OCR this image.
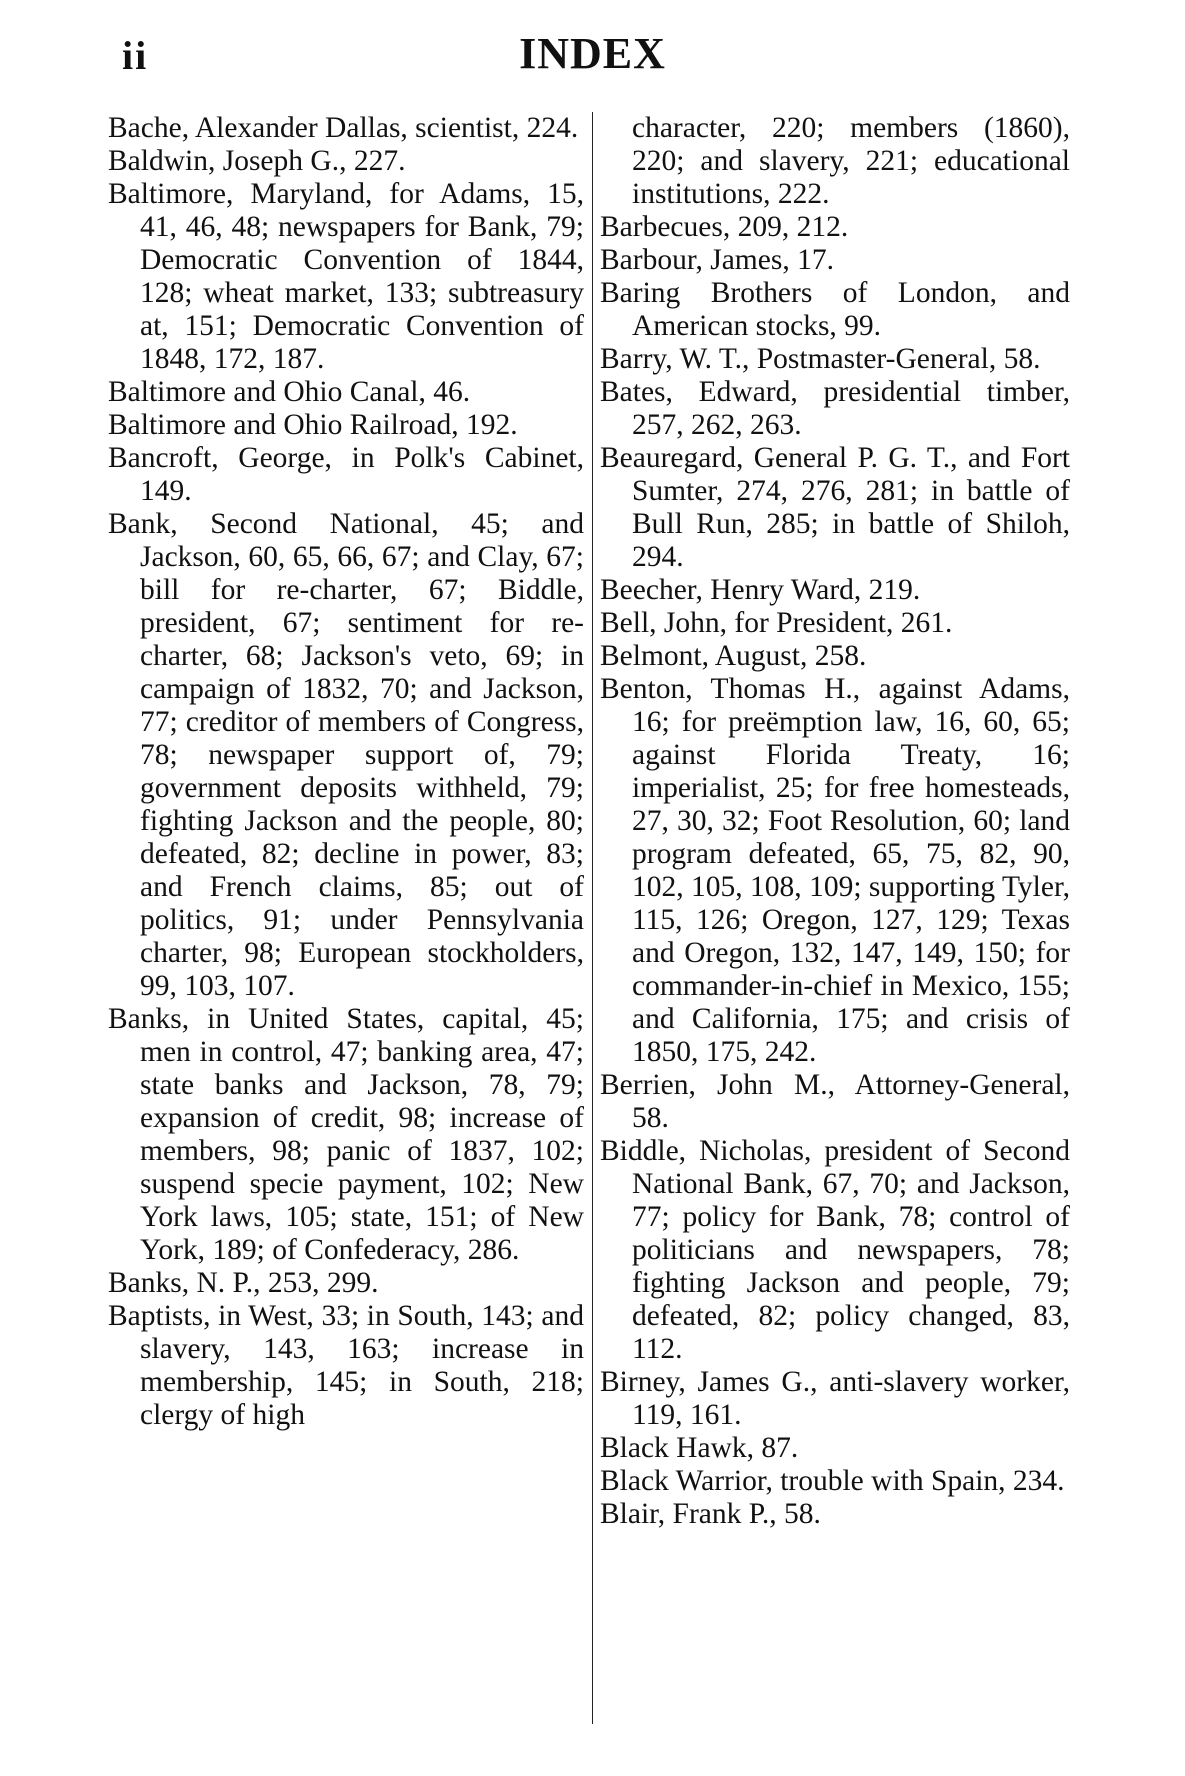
ii	INDEX

Bache, Alexander Dallas, scientist, 224.

Baldwin, Joseph G., 227.

Baltimore, Maryland, for Adams, 15, 41, 46, 48; newspapers for Bank, 79; Democratic Convention of 1844, 128; wheat market, 133; subtreasury at, 151; Democratic Convention of 1848, 172, 187.

Baltimore and Ohio Canal, 46.

Baltimore and Ohio Railroad, 192.

Bancroft, George, in Polk's Cabinet, 149.

Bank, Second National, 45; and Jackson, 60, 65, 66, 67; and Clay, 67; bill for re-charter, 67; Biddle, president, 67; sentiment for re-charter, 68; Jackson's veto, 69; in campaign of 1832, 70; and Jackson, 77; creditor of members of Congress, 78; newspaper support of, 79; government deposits withheld, 79; fighting Jackson and the people, 80; defeated, 82; decline in power, 83; and French claims, 85; out of politics, 91; under Pennsylvania charter, 98; European stockholders, 99, 103, 107.

Banks, in United States, capital, 45; men in control, 47; banking area, 47; state banks and Jackson, 78, 79; expansion of credit, 98; increase of members, 98; panic of 1837, 102; suspend specie payment, 102; New York laws, 105; state, 151; of New York, 189; of Confederacy, 286.

Banks, N. P., 253, 299.

Baptists, in West, 33; in South, 143; and slavery, 143, 163; increase in membership, 145; in South, 218; clergy of high

character, 220; members (1860), 220; and slavery, 221; educational institutions, 222.

Barbecues, 209, 212.

Barbour, James, 17.

Baring Brothers of London, and American stocks, 99.

Barry, W. T., Postmaster-General, 58.

Bates, Edward, presidential timber, 257, 262, 263.

Beauregard, General P. G. T., and Fort Sumter, 274, 276, 281; in battle of Bull Run, 285; in battle of Shiloh, 294.

Beecher, Henry Ward, 219.

Bell, John, for President, 261.

Belmont, August, 258.

Benton, Thomas H., against Adams, 16; for preëmption law, 16, 60, 65; against Florida Treaty, 16; imperialist, 25; for free homesteads, 27, 30, 32; Foot Resolution, 60; land program defeated, 65, 75, 82, 90, 102, 105, 108, 109; supporting Tyler, 115, 126; Oregon, 127, 129; Texas and Oregon, 132, 147, 149, 150; for commander-in-chief in Mexico, 155; and California, 175; and crisis of 1850, 175, 242.

Berrien, John M., Attorney-General, 58.

Biddle, Nicholas, president of Second National Bank, 67, 70; and Jackson, 77; policy for Bank, 78; control of politicians and newspapers, 78; fighting Jackson and people, 79; defeated, 82; policy changed, 83, 112.

Birney, James G., anti-slavery worker, 119, 161.

Black Hawk, 87.

Black Warrior, trouble with Spain, 234.

Blair, Frank P., 58.
